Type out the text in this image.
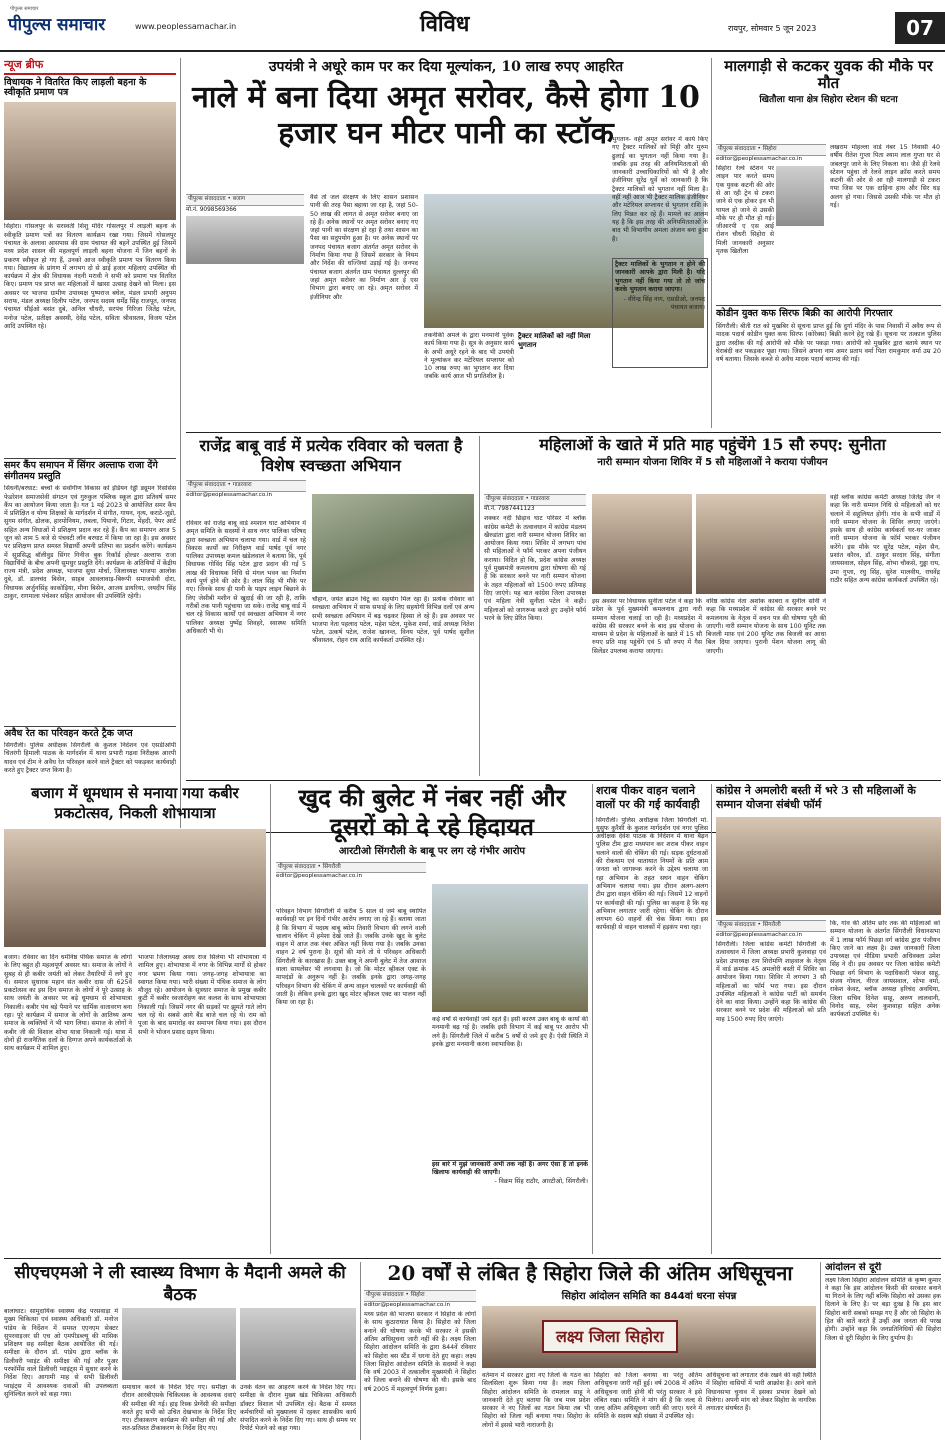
पीपुल्स समाचार
पीपुल्स समाचार	www.peoplessamachar.in	विविध	रायपुर, सोमवार 5 जून 2023	07
न्यूज ब्रीफ
विधायक ने वितरित किए लाड़ली बहना के स्वीकृति प्रमाण पत्र
सिहोरा। गोसलपुर के सरस्वती शिशु मंदिर गोसलपुर में लाड़ली बहना के स्वीकृति प्रमाण पत्रों का वितरण कार्यक्रम रखा गया। जिसमें गोसलपुर पंचायत के अलावा आसपास की ग्राम पंचायत की बहनें उपस्थित हुई जिसमें मध्य प्रदेश शासन की महत्वपूर्ण लाड़ली बहना योजना में जिन बहनों के प्रकरण स्वीकृत हो गए हैं, उनको आज स्वीकृति प्रमाण पत्र वितरण किया गया। विद्यालय के प्रांगण में लगभग दो से ढाई हजार महिलाएं उपस्थित थी कार्यक्रम में क्षेत्र की विधायक नंदनी मरावी ने सभी को प्रमाण पत्र वितरित किए। प्रमाण पत्र प्राप्त कर महिलाओं में खासा उत्साह देखने को मिला। इस अवसर पर भाजपा ग्रामीण उपाध्यक्ष पुष्पराज बघेल, मंडल प्रभारी अनुपम सराफ, मंडल अध्यक्ष दिलीप पटेल, जनपद सदस्य धर्मेंद्र सिंह राजपूत, जनपद पंचायत सीईओ बसंत दुबे, अनिल चौधरी, सरपंच गिरिजा जितेंद्र पटेल, मनोज पटेल, प्रतीक्षा अवस्थी, देवेंद्र पटेल, सविता श्रीवास्तव, विजय पटेल आदि उपस्थित रहे।
समर कैंप समापन में सिंगर अल्ताफ राजा देंगे संगीतमय प्रस्तुति
सिधनी/बरघाट: बच्चों के सर्वांगीण विकास को इंडियन रेड्डी ड्यूमन रिसोर्सेस फेडरेशन समाजसेवी संगठन एवं गुरुकुल पब्लिक स्कूल द्वारा प्रतिवर्ष समर कैंप का आयोजन किया जाता है। गत 1 मई 2023 से आयोजित समर कैंप में प्रशिक्षित व योग्य शिक्षकों के मार्गदर्शन में संगीत, गायन, नृत्य, कराटे-जूडो, सुगम संगीत, ढोलक, हारमोनियम, तबला, पियानो, गिटार, मेंहदी, पेपर आर्ट सहित अन्य विधाओं में प्रशिक्षण प्रदान कर रहे हैं। कैंप का समापन आज 5 जून को शाम 5 बजे से पंचवटी लॉन बरघाट में किया जा रहा है। इस अवसर पर प्रशिक्षण प्राप्त समस्त विद्यार्थी अपनी प्रतिभा का प्रदर्शन करेंगे। कार्यक्रम में सुप्रसिद्ध बॉलीवुड सिंगर गिनीज बुक रिकॉर्ड होल्डर अल्ताफ राजा विद्यार्थियों के बीच अपनी सुमधुर प्रस्तुति देंगे। कार्यक्रम के अतिथियों में केंद्रीय राज्य मंत्री, प्रदेश अध्यक्ष, भाजपा सुधा मोर्चा, जिलाध्यक्ष भाजपा आलोक दुबे, डॉ. डालचंद बिसेन, साहब आवलावाड़-बिरूपी समाजसेवी दोरा, विधायक अर्जुनसिंह काकोड़िया, मीना बिसेन, आजय डायरिया, जयदीप सिंह ठाकुर, रागमाला पंचेश्वर सहित आयोजन की उपस्थिति रहेगी।
अवैध रेत का परिवहन करते ट्रैक जप्त
सिंगरौली। पुलिस अधीक्षक सिंगरौली के कुशल निर्देशन एवं एसडीओपी चितरंगी हिमाली पाठक के मार्गदर्शन में थाना प्रभारी गढ़वा निरीक्षक आरपी यादव एवं टीम ने अवैध रेत परिवहन करने वाले ट्रैक्टर को पकड़कर कार्यवाही करते हुए ट्रैक्टर जप्त किया है।
उपयंत्री ने अधूरे काम पर कर दिया मूल्यांकन, 10 लाख रुपए आहरित
नाले में बना दिया अमृत सरोवर, कैसे होगा 10 हजार घन मीटर पानी का स्टॉक
पीपुल्स संवाददाता • बजाग
मो.नं. 9098569366
वैसे तो जल संरक्षण के लिए शासन प्रशासन पानी की तरह पैसा बहाया जा रहा है, जहां 50-50 लाख की लागत से अमृत सरोवर बनाए जा रहे हैं। अनेक स्थानों पर अमृत सरोवर बनाए गए जहां पानी का संरक्षण हो रहा है तथा शासन का पैसा का सदुपयोग हुआ है। पर अनेक स्थानों पर जनपद पंचायत बजाग अंतर्गत अमृत सरोवर के निर्माण किया गया है जिसमें सरकार के नियम और निर्देश की धज्जियां उड़ाई गई है। जनपद पंचायत बजाग अंतर्गत ग्राम पंचायत दुल्लपुर की जहां अमृत सरोवर का निर्माण आर ई एस विभाग द्वारा बनाए जा रहे। अमृत सरोवर में इंजीनियर और
तकनीकी अमले के द्वारा मनमानी पूर्वक कार्य किया गया है। सूत्र के अनुसार कार्य के अभी अधूरे रहने के बाद भी उपयंत्री ने मूल्यांकन कर मटेरियल सप्लायर को 10 लाख रुपए का भुगतान कर दिया जबकि कार्य आज भी प्रगतिशील है।
ट्रैक्टर मालिकों को नहीं मिला भुगतान
भुगतान- वहीं अमृत सरोवर में कार्य किए गए ट्रैक्टर मालिकों को मिट्टी और मुरुम ढुलाई का भुगतान नहीं किया गया है। जबकि इस तरह की अनियमितताओं की जानकारी उच्चाधिकारियों को भी है और इंजीनियर सुरेंद्र धुर्वे को जानकारी है कि ट्रैक्टर मालिकों को भुगतान नहीं मिला है। वहीं नहीं आज भी ट्रैक्टर मालिक इंजीनियर और मटेरियल सप्लायर से भुगतान राशि के लिए मिन्नत कर रहे हैं। मामले का आलम यह है कि इस तरह की अनियमितताओं के बाद भी विभागीय अमला अंजान बना हुआ है।
ट्रैक्टर मालिकों के भुगतान न होने की जानकारी आपके द्वारा मिली है। यदि भुगतान नहीं किया गया तो तो जांच करके भुगतान कराया जाएगा।
- वीरेन्द्र सिंह नाग, एसडीओ, जनपद पंचायत बजाग।
मालगाड़ी से कटकर युवक की मौके पर मौत
खितौला थाना क्षेत्र सिहोरा स्टेशन की घटना
पीपुल्स संवाददाता • सिहोरा
editor@peoplessamachar.co.in
सिहोरा रेल्वे स्टेशन पर लाइन पार करते समय एक युवक कटनी की ओर से आ रही ट्रेन से टकरा जाने से एक होकर इन भी घायल हो जाने से उसकी मौके पर ही मौत हो गई। जीआरपी ए एस आई रोशन चौधरी सिहोरा से मिली जानकारी अनुसार मृतक खितौला
लखराम मोहल्ला वार्ड नंबर 15 निवासी 40 वर्षीय रीतेश गुप्ता पिता श्याम लाल गुप्ता घर से जबलपुर जाने के लिए निकला था। जैसे ही रेलवे स्टेशन पहुंचा तो रेलवे लाइन क्रॉस करते समय कटनी की ओर से आ रही मालगाड़ी से टकरा गया जिस पर एक दाहिना हाथ और सिर धड़ अलग हो गया। जिससे उसकी मौके पर मौत हो गई।
कोडीन युक्त कफ सिरफ बिक्री का आरोपी गिरफ्तार
सिंगरौली। बीती रात को मुखबिर से सूचना प्राप्त हुई कि दुर्गा मंदिर के पास निवासी में अवैध रूप से मादक पदार्थ कोडीन युक्त कफ सिरफ (कोरेक्स) बिक्री करने हेतु रखे हैं। सूचना पर तत्काल पुलिस द्वारा तस्दीक की गई आरोपी को मौके पर पकड़ा गया। आरोपी को मुखबिर द्वारा बताये स्थान पर घेराबंदी कर पकड़कर पूछा गया। जिसने अपना नाम अमर प्रताप वर्मा पिता रामकुमार वर्मा उम्र 20 वर्ष बताया। जिसके कब्जे से अवैध मादक पदार्थ बरामद की गई।
राजेंद्र बाबू वार्ड में प्रत्येक रविवार को चलता है विशेष स्वच्छता अभियान
पीपुल्स संवाददाता • गाडरवारा
editor@peoplessamachar.co.in
रविवार को राजेंद्र बाबू वार्ड श्मशान घाट अभियान में अमृत समिति के सदस्यों ने साथ नगर पालिका परिषद द्वारा स्वच्छता अभियान चलाया गया। वार्ड में चल रहे विकास कार्यों का निरीक्षण वार्ड पार्षद पूर्व नगर पालिका उपाध्यक्ष कमल खंडेलवाल ने बताया कि, पूर्व विधायक गोविंद सिंह पटेल द्वारा प्रदान की गई 5 लाख की विधायक निधि से मंगल भवन का निर्माण कार्य पूर्ण होने की ओर है। लाल सिंह भी मौके पर गए। जिनके साथ ही पानी के पाइप लाइन बिछाने के लिए जेसीबी मशीन से खुदाई की जा रही है, ताकि गरीबों तक पानी पहुंचाया जा सके। राजेंद्र बाबू वार्ड में चल रहे विकास कार्यों एवं स्वच्छता अभियान में नगर पालिका अध्यक्ष पुष्पेंद्र शिवहरे, स्वास्थ्य समिति अधिकारी भी थे।
चौहान, जयंत ब्राउन चिंटू का सहयोग मिल रहा है। प्रत्येक रविवार को स्वच्छता अभियान में साफ सफाई के लिए सहयोगी विभिन्न दलों एवं अन्य सभी स्वच्छता अभियान में बढ़ चढ़कर हिस्सा ले रहे हैं। इस अवसर पर भाजपा नेता पहलाद पटेल, महेश पटेल, मुकेश शर्मा, वार्ड अध्यक्ष नितेश पटेल, उत्कर्ष पटेल, राजेश खानन्त, विनय पटेल, पूर्व पार्षद सुशील श्रीवास्तव, रोहन राय आदि कार्यकर्ता उपस्थित रहे।
महिलाओं के खाते में प्रति माह पहुंचेंगे 15 सौ रुपए: सुनीता
नारी सम्मान योजना शिविर में 5 सौ महिलाओं ने कराया पंजीयन
पीपुल्स संवाददाता • गाडरवारा
मो.नं. 7987441123
शक्कर नदी छिड़ाव घाट परिसर में ब्लॉक कांग्रेस कमेटी के तत्वावधान में कांग्रेस मंडलम खैरुडांता द्वारा नारी सम्मान योजना शिविर का आयोजन किया गया। शिविर में लगभग पांच सौ महिलाओं ने फॉर्म भरकर अपना पंजीयन कराया। विदित हो कि, प्रदेश कांग्रेस अध्यक्ष पूर्व मुख्यमंत्री कमलनाथ द्वारा घोषणा की गई है कि सरकार बनने पर नारी सम्मान योजना के तहत महिलाओं को 1500 रुपए प्रतिमाह दिए जाएंगे। यह बात कांग्रेस जिला उपाध्यक्ष एवं महिला नेत्री सुनीता पटेल ने कही। महिलाओं को जागरूक करते हुए उन्होंने फॉर्म भरने के लिए प्रेरित किया।
इस अवसर पर विधायक सुनीता पटेल ने कहा कि प्रदेश के पूर्व मुख्यमंत्री कमलनाथ द्वारा नारी सम्मान योजना चलाई जा रही है। मध्यप्रदेश में कांग्रेस की सरकार बनने के बाद इस योजना के माध्यम से प्रदेश के महिलाओं के खाते में 15 सौ रुपए प्रति माह पहुंचेंगे एवं 5 सौ रुपए में गैस सिलेंडर उपलब्ध कराया जाएगा।
वरिष्ठ कांग्रेस नेता अशोक काबरा व सुनील सोनी ने कहा कि मध्यप्रदेश में कांग्रेस की सरकार बनने पर कमलनाथ के नेतृत्व में वचन पत्र की घोषणा पूरी की जाएगी। नारी सम्मान योजना के साथ 100 यूनिट तक बिजली माफ़ एवं 200 यूनिट तक बिजली का आधा बिल दिया जाएगा। पुरानी पेंशन योजना लागू की जाएगी।
वहीं ब्लॉक कांग्रेस कमेटी अध्यक्ष जितेंद्र जैन ने कहा कि नारी सम्मान निधि से महिलाओं को घर चलाने में सहूलियत होगी। गांव के सभी वार्डों में नारी सम्मान योजना के शिविर लगाए जाएंगे। इसके साथ ही कांग्रेस कार्यकर्ता घर-घर जाकर नारी सम्मान योजना के फॉर्म भरकर पंजीयन करेंगे। इस मौके पर सुरेंद्र पटेल, महेश सैन, प्रशांत कौरव, डॉ. ठाकुर सरदार सिंह, संगीता जायसवाल, सोहन सिंह, शोभा चौकसे, गुड्डा राय, उमा गुप्ता, रघु सिंह, सुरेश मालवीय, राघवेंद्र राठौर सहित अन्य कांग्रेस कार्यकर्ता उपस्थित रहे।
बजाग में धूमधाम से मनाया गया कबीर प्रकटोत्सव, निकली शोभायात्रा
बजाग। रविवार का दिन धर्मनिष्ठ पंथिक समाज के लोगों के लिए बहुत ही महत्वपूर्ण अवसर था। समाज के लोगों ने सुबह से ही कबीर जयंती को लेकर तैयारियों में लगे हुए थे। समाज सुधारक महान संत कबीर दास जी 625वें प्रकटोत्सव का इस दिन समाज के लोगों ने पूरे उत्साह के साथ जयंती के अवसर पर बड़े धूमधाम से शोभायात्रा निकाली। कबीर पंथ बड़े पैमाने पर धार्मिक वातावरण बना रहा। पूरे कार्यक्रम में समाज के लोगों के आतिथ्य अन्य समाज के व्यक्तियों ने भी भाग लिया। समाज के लोगों ने कबीर जी की विशाल शोभा यात्रा निकाली गई। यात्रा में दोनों ही राजनैतिक दलों के दिग्गज अपने कार्यकर्ताओं के साथ कार्यक्रम में शामिल हुए।
भाजपा जिलाध्यक्ष अवध राज सिलेया भी शोभायात्रा में शामिल हुए। शोभायात्रा में नगर के विभिन्न मार्गों से होकर नगर भ्रमण किया गया। जगह-जगह शोभायात्रा का स्वागत किया गया। भारी संख्या में पंथिक समाज के लोग मौजूद रहे। आयोजन के सूत्रधार समाज के प्रमुख कबीर कुटी में कबीर ध्वजारोहण कर कलश के साथ शोभायात्रा निकाली गई। जिसमें नगर की सड़कों पर झूमते गाते लोग चल रहे थे। सबसे आगे बैंड बाजे चल रहे थे। राम को पूजा के बाद समारोह का समापन किया गया। इस दौरान सभी ने भोजन प्रसाद ग्रहण किया।
खुद की बुलेट में नंबर नहीं और दूसरों को दे रहे हिदायत
आरटीओ सिंगरौली के बाबू पर लग रहे गंभीर आरोप
पीपुल्स संवाददाता • सिंगरौली
editor@peoplessamachar.co.in
परिवहन विभाग सिंगरौली में करीब 5 साल से जमे बाबू स्थापित कार्यवाही पर इन दिनों गंभीर आरोप लगाए जा रहे हैं। बताया जाता है कि विभाग में पदस्थ बाबू ब्योम तिवारी विभाग की लगने वाली चालान चेकिंग में हमेशा देखे जाते हैं। जबकि उनके खुद के बुलेट वाहन में आज तक नंबर अंकित नहीं किया गया है। जबकि उनका वाहन 2 वर्ष पुराना है। सूत्रों की माने तो ये परिवहन अधिकारी सिंगरौली के कारखास हैं। उक्त बाबू ने अपनी बुलेट में तेज आवाज वाला सायलेंसर भी लगवाया है। जो कि मोटर व्हीकल एक्ट के मापदंडों के अनुरूप नहीं है। जबकि इनके द्वारा जगह-जगह परिवहन विभाग की चेकिंग में अन्य वाहन चालकों पर कार्यवाही की जाती है। लेकिन इनके द्वारा खुद मोटर व्हीकल एक्ट का पालन नहीं किया जा रहा है।
कई वर्षों से कार्यवाही जमे रहते हैं। इसी कारण उक्त बाबू के कार्यों की मनमानी बढ़ गई है। जबकि इसी विभाग में कई बाबू पर आरोप भी लगे हैं। सिंगरौली जिले में करीब 5 वर्षों से जमे हुए हैं। ऐसी स्थिति में इनके द्वारा मनमानी करना स्वाभाविक है।
इस बारे में मुझे जानकारी अभी तक नहीं है। अगर ऐसा है तो इनके खिलाफ कार्यवाही की जाएगी।
- विक्रम सिंह राठौर, आरटीओ, सिंगरौली।
शराब पीकर वाहन चलाने वालों पर की गई कार्यवाही
सिंगरौली। पुलिस अधीक्षक जिला सिंगरौली मो. युसुफ कुरैशी के कुशल मार्गदर्शन एवं नगर पुलिस अधीक्षक देवेश पाठक के निर्देशन में थाना बैढ़न पुलिस टीम द्वारा मध्यपान कर शराब पीकर वाहन चलाने वालों की चेकिंग की गई। सड़क दुर्घटनाओं की रोकथाम एवं यातायात नियमों के प्रति आम जनता को जागरूक करने के उद्देश्य चलाया जा रहा अभियान के तहत सघन वाहन चेकिंग अभियान चलाया गया। इस दौरान अलग-अलग टीम द्वारा वाहन चेकिंग की गई। जिसमें 12 वाहनों पर कार्यवाही की गई। पुलिस का कहना है कि यह अभियान लगातार जारी रहेगा। चेकिंग के दौरान लगभग 60 वाहनों की चेक किया गया। इस कार्यवाही से वाहन चालकों में हड़कंप मचा रहा।
कांग्रेस ने अमलोरी बस्ती में भरे 3 सौ महिलाओं के सम्मान योजना संबंधी फॉर्म
पीपुल्स संवाददाता • सिंगरौली
editor@peoplessamachar.co.in
सिंगरौली। जिला कांग्रेस कमेटी सिंगरौली के तत्वावधान में जिला अध्यक्ष प्रभारी कुशवाहा एवं प्रदेश उपाध्यक्ष राम शिरोमणि शाहवाल के नेतृत्व में वार्ड क्रमांक 45 अमलोरी बस्ती में शिविर का आयोजन किया गया। शिविर में लगभग 3 सौ महिलाओं का फॉर्म भरा गया। इस दौरान उपस्थित महिलाओं ने कांग्रेस पार्टी को समर्थन देने का वादा किया। उन्होंने कहा कि कांग्रेस की सरकार बनने पर प्रदेश की महिलाओं को प्रति माह 1500 रुपए दिए जाएंगे।
कि, गांव की अंतिम छोर तक की महिलाओं को सम्मान योजना के अंतर्गत सिंगरौली विधानसभा में 1 लाख फॉर्म पिछड़ा वर्ग कांग्रेस द्वारा पंजीयन किए जाने का लक्ष्य है। उक्त जानकारी जिला उपाध्यक्ष एवं मीडिया प्रभारी अधिवक्ता उमेश सिंह ने दी। इस अवसर पर जिला कांग्रेस कमेटी पिछड़ा वर्ग विभाग के पदाधिकारी पंकज साहू, संजय गोयल, नीरज जायसवाल, शोभा वर्मा, राकेश केवट, ब्लॉक अध्यक्ष हरिचंद अवधिया, जिला सचिव दिनेश साहू, अरुण लालवानी, विनोद साह, रमेश कुशवाहा सहित अनेक कार्यकर्ता उपस्थित थे।
सीएचएमओ ने ली स्वास्थ्य विभाग के मैदानी अमले की बैठक
बालाघाट। सामुदायिक स्वास्थ्य केंद्र परसवाड़ा में मुख्य चिकित्सा एवं स्वास्थ्य अधिकारी डॉ. मनोज पांडेय के निर्देशन में समस्त एएनएम सेक्टर सुपरवाइजर सी एच ओ एमपीडब्ल्यू की मासिक प्रशिक्षण सह समीक्षा बैठक आयोजित की गई। समीक्षा के दौरान डॉ. पांडेय द्वारा ब्लॉक के डिलीवरी प्वाइंट की समीक्षा की गई और पुअर परफॉर्मेंस वाले डिलीवरी प्वाइंट्स में सुधार करने के निर्देश दिए। आगामी माह से सभी डिलीवरी प्वाइंट्स में आवश्यक दवाओं की उपलब्धता सुनिश्चित करने को कहा गया।
समाधान करने के निर्देश दिए गए। समीक्षा के दौरान आरबीएसके चिकित्सक के आवश्यक दवाएं की समीक्षा की गई। हाइ रिस्क प्रेग्नेंसी की समीक्षा करते हुए सभी को उचित देखभाल के निर्देश दिए गए। टीकाकरण कार्यक्रम की समीक्षा की गई और शत-प्रतिशत टीकाकरण के निर्देश दिए गए।
उनके वेतन का आहरण करने के निर्देश दिए गए। समीक्षा के दौरान मुख्य खंड चिकित्सा अधिकारी डॉक्टर विशाल भी उपस्थित रहे। बैठक में समस्त कर्मचारियों को मुख्यालय में रहकर शासकीय कार्य संपादित करने के निर्देश दिए गए। साथ ही समय पर रिपोर्ट भेजने को कहा गया।
20 वर्षों से लंबित है सिहोरा जिले की अंतिम अधिसूचना
पीपुल्स संवाददाता • सिहोरा
editor@peoplessamachar.co.in
मध्य प्रदेश की भाजपा सरकार ने सिहोरा के लोगों के साथ कुठाराघात किया है। सिहोरा को जिला बनाने की घोषणा करके भी सरकार ने इसकी अंतिम अधिसूचना जारी नहीं की है। लक्ष्य जिला सिहोरा आंदोलन समिति के द्वारा 844वें रविवार को सिहोरा बस स्टैंड में धरना देते हुए कहा। लक्ष्य जिला सिहोरा आंदोलन समिति के सदस्यों ने कहा कि वर्ष 2003 में तत्कालीन मुख्यमंत्री ने सिहोरा को जिला बनाने की घोषणा की थी। इसके बाद वर्ष 2005 में महत्वपूर्ण निर्णय हुआ।
सिहोरा आंदोलन समिति का 844वां धरना संपन्न
लक्ष्य जिला सिहोरा
वर्तमान में सरकार द्वारा नए जिलों के गठन का सिलसिला शुरू किया गया है। लक्ष्य जिला सिहोरा आंदोलन समिति के रामलाल साहू ने जानकारी देते हुए बताया कि जब मध्य प्रदेश सरकार ने नए जिलों का गठन किया तब भी सिहोरा को जिला नहीं बनाया गया। सिहोरा के लोगों में इससे भारी नाराजगी है।
सिहोरा को जिला बनाया था परंतु अंतिम अधिसूचना जारी नहीं हुई। वर्ष 2008 में अंतिम अधिसूचना जारी होनी थी परंतु सरकार ने इसे लंबित रखा। समिति ने मांग की है कि जल्द से जल्द अंतिम अधिसूचना जारी की जाए। धरने में समिति के सदस्य बड़ी संख्या में उपस्थित रहे।
अधिसूचना को लगातार रोके रखने की वही स्थिति में सिहोरा वासियों में भारी आक्रोश है। आने वाले विधानसभा चुनाव में इसका प्रभाव देखने को मिलेगा। अपनी मांग को लेकर सिहोरा के नागरिक लगातार संघर्षरत हैं।
आंदोलन से दूरी
लक्ष्य जिला सिहोरा आंदोलन समिति के कृष्ण कुमार ने कहा कि इस आंदोलन किसी की सरकार बनाने या गिराने के लिए नहीं बल्कि सिहोरा को उसका हक दिलाने के लिए है। पर बड़ा दुःख है कि इस बार सिहोरा बारी सबको समझ गए हैं और जो सिहोरा के हित की बातें करते हैं उन्हीं अब जनता की परख होगी। उन्होंने कहा कि जनप्रतिनिधियों की सिहोरा जिला से दूरी सिहोरा के लिए दुर्भाग्य है।
